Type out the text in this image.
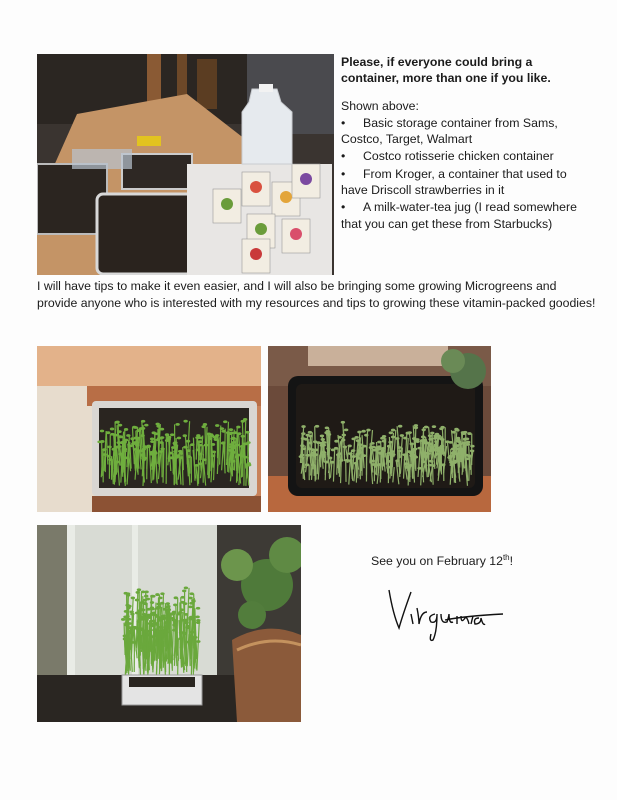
Please, if everyone could bring a container, more than one if you like.

Shown above:

• Basic storage container from Sams, Costco, Target, Walmart
• Costco rotisserie chicken container
• From Kroger, a container that used to have Driscoll strawberries in it
• A milk-water-tea jug (I read somewhere that you can get these from Starbucks)

I will have tips to make it even easier, and I will also be bringing some growing Microgreens and provide anyone who is interested with my resources and tips to growing these vitamin-packed goodies!

See you on February 12th!
